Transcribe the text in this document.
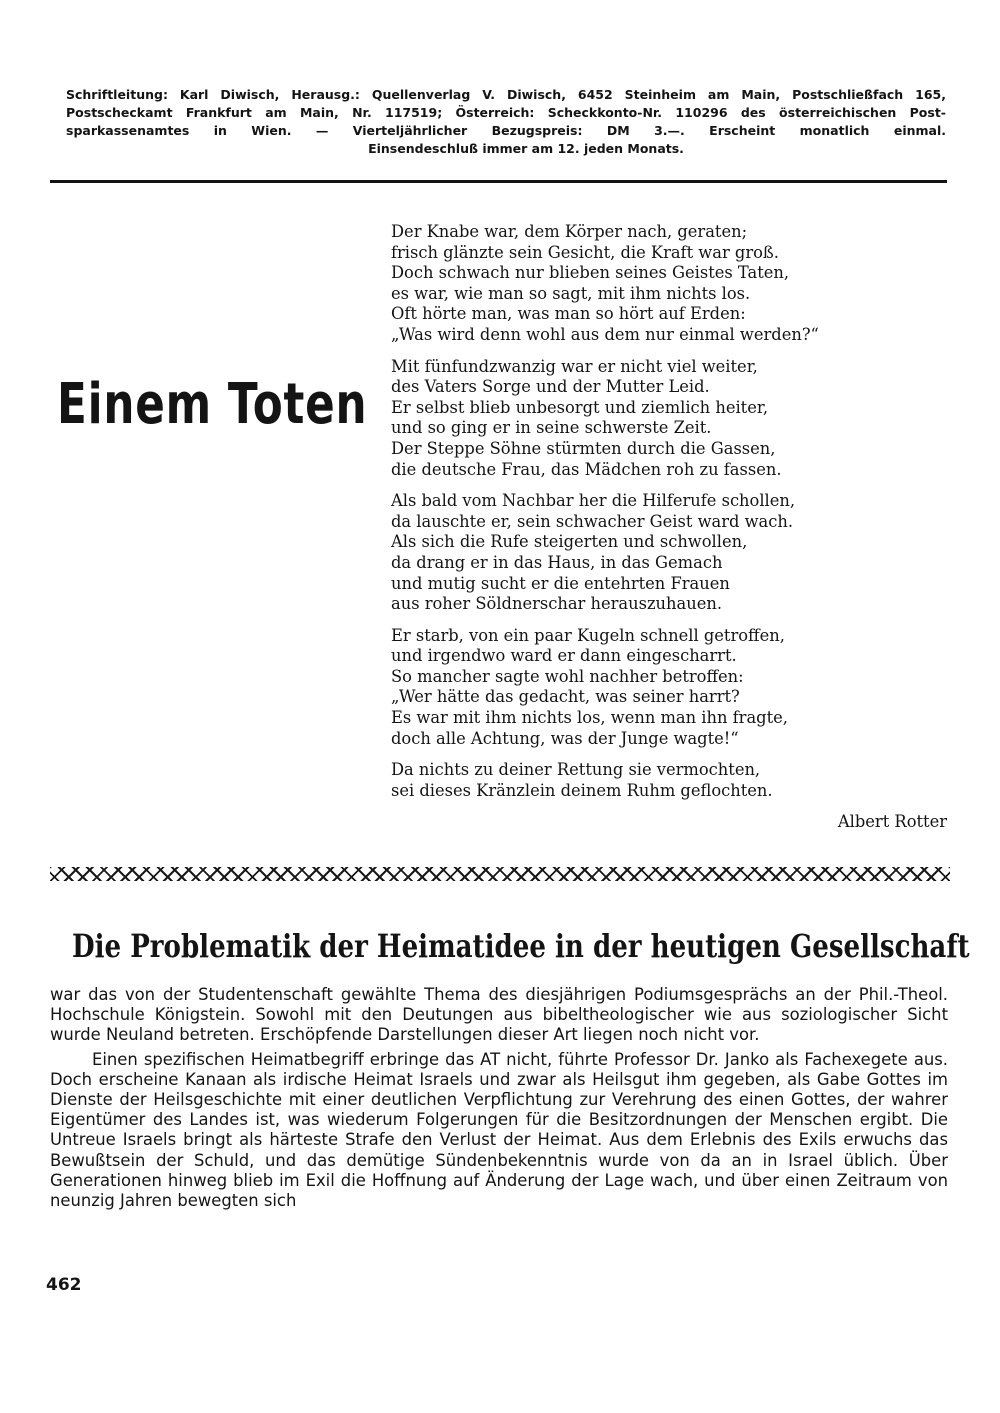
Schriftleitung: Karl Diwisch, Herausg.: Quellenverlag V. Diwisch, 6452 Steinheim am Main, Postschließfach 165,
Postscheckamt Frankfurt am Main, Nr. 117519; Österreich: Scheckkonto-Nr. 110296 des österreichischen Post-
sparkassenamtes in Wien. — Vierteljährlicher Bezugspreis: DM 3.—. Erscheint monatlich einmal.
Einsendeschluß immer am 12. jeden Monats.
Einem Toten
Der Knabe war, dem Körper nach, geraten;
frisch glänzte sein Gesicht, die Kraft war groß.
Doch schwach nur blieben seines Geistes Taten,
es war, wie man so sagt, mit ihm nichts los.
Oft hörte man, was man so hört auf Erden:
„Was wird denn wohl aus dem nur einmal werden?“
Mit fünfundzwanzig war er nicht viel weiter,
des Vaters Sorge und der Mutter Leid.
Er selbst blieb unbesorgt und ziemlich heiter,
und so ging er in seine schwerste Zeit.
Der Steppe Söhne stürmten durch die Gassen,
die deutsche Frau, das Mädchen roh zu fassen.
Als bald vom Nachbar her die Hilferufe schollen,
da lauschte er, sein schwacher Geist ward wach.
Als sich die Rufe steigerten und schwollen,
da drang er in das Haus, in das Gemach
und mutig sucht er die entehrten Frauen
aus roher Söldnerschar herauszuhauen.
Er starb, von ein paar Kugeln schnell getroffen,
und irgendwo ward er dann eingescharrt.
So mancher sagte wohl nachher betroffen:
„Wer hätte das gedacht, was seiner harrt?
Es war mit ihm nichts los, wenn man ihn fragte,
doch alle Achtung, was der Junge wagte!“
Da nichts zu deiner Rettung sie vermochten,
sei dieses Kränzlein deinem Ruhm geflochten.
Albert Rotter
Die Problematik der Heimatidee in der heutigen Gesellschaft

war das von der Studentenschaft gewählte Thema des diesjährigen Podiumsgesprächs an der Phil.-Theol. Hochschule Königstein. Sowohl mit den Deutungen aus bibeltheologischer wie aus soziologischer Sicht wurde Neuland betreten. Erschöpfende Darstellungen dieser Art liegen noch nicht vor.

Einen spezifischen Heimatbegriff erbringe das AT nicht, führte Professor Dr. Janko als Fachexegete aus. Doch erscheine Kanaan als irdische Heimat Israels und zwar als Heilsgut ihm gegeben, als Gabe Gottes im Dienste der Heilsgeschichte mit einer deutlichen Verpflichtung zur Verehrung des einen Gottes, der wahrer Eigentümer des Landes ist, was wiederum Folgerungen für die Besitzordnungen der Menschen ergibt. Die Untreue Israels bringt als härteste Strafe den Verlust der Heimat. Aus dem Erlebnis des Exils erwuchs das Bewußtsein der Schuld, und das demütige Sündenbekenntnis wurde von da an in Israel üblich. Über Generationen hinweg blieb im Exil die Hoffnung auf Änderung der Lage wach, und über einen Zeitraum von neunzig Jahren bewegten sich

462
